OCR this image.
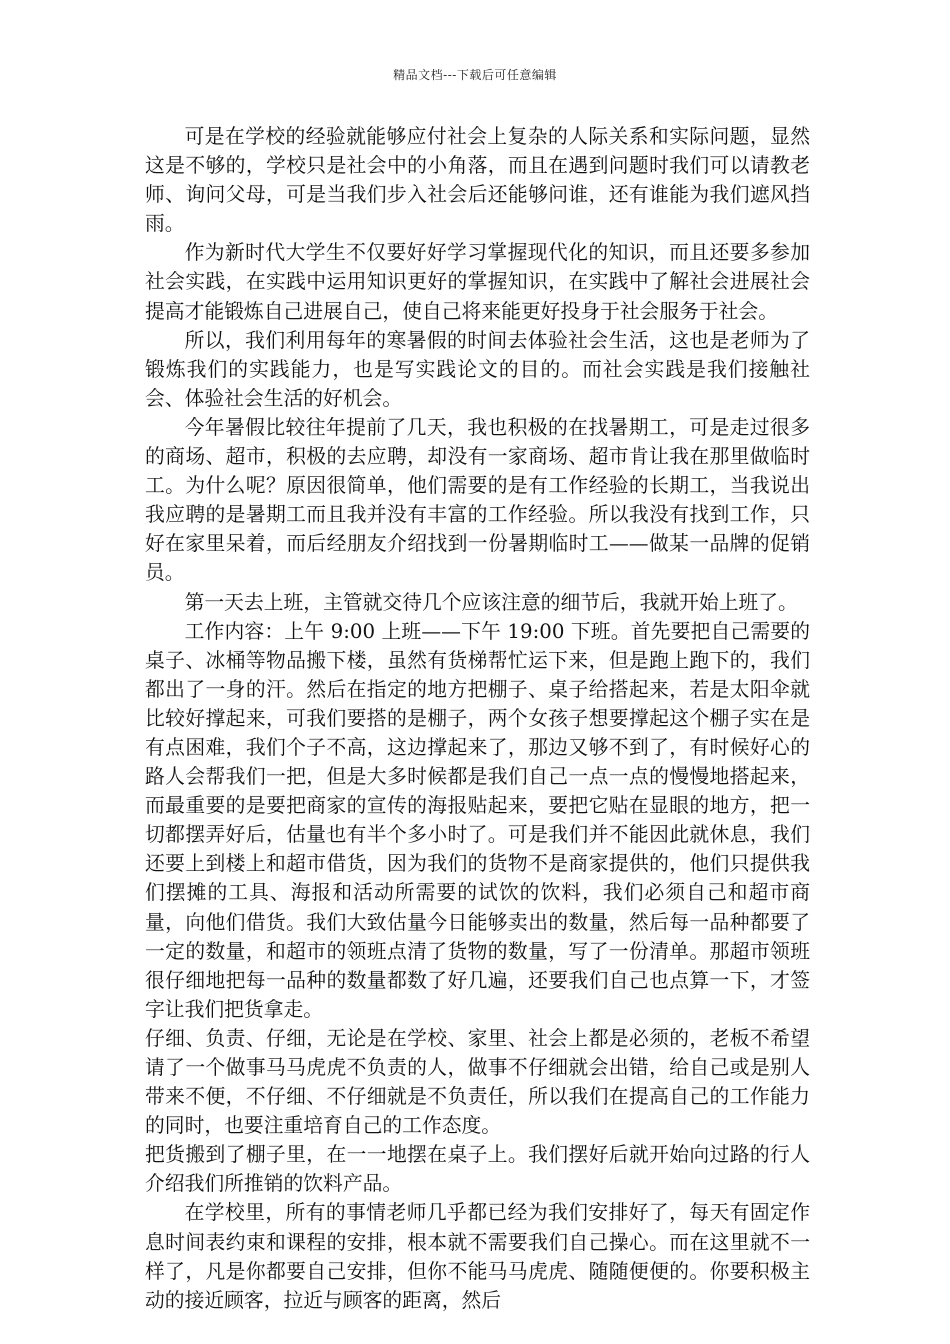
精品文档---下载后可任意编辑

可是在学校的经验就能够应付社会上复杂的人际关系和实际问题，显然这是不够的，学校只是社会中的小角落，而且在遇到问题时我们可以请教老师、询问父母，可是当我们步入社会后还能够问谁，还有谁能为我们遮风挡雨。

作为新时代大学生不仅要好好学习掌握现代化的知识，而且还要多参加社会实践，在实践中运用知识更好的掌握知识，在实践中了解社会进展社会提高才能锻炼自己进展自己，使自己将来能更好投身于社会服务于社会。

所以，我们利用每年的寒暑假的时间去体验社会生活，这也是老师为了锻炼我们的实践能力，也是写实践论文的目的。而社会实践是我们接触社会、体验社会生活的好机会。

今年暑假比较往年提前了几天，我也积极的在找暑期工，可是走过很多的商场、超市，积极的去应聘，却没有一家商场、超市肯让我在那里做临时工。为什么呢？原因很简单，他们需要的是有工作经验的长期工，当我说出我应聘的是暑期工而且我并没有丰富的工作经验。所以我没有找到工作，只好在家里呆着，而后经朋友介绍找到一份暑期临时工——做某一品牌的促销员。

第一天去上班，主管就交待几个应该注意的细节后，我就开始上班了。

工作内容：上午 9:00 上班——下午 19:00 下班。首先要把自己需要的桌子、冰桶等物品搬下楼，虽然有货梯帮忙运下来，但是跑上跑下的，我们都出了一身的汗。然后在指定的地方把棚子、桌子给搭起来，若是太阳伞就比较好撑起来，可我们要搭的是棚子，两个女孩子想要撑起这个棚子实在是有点困难，我们个子不高，这边撑起来了，那边又够不到了，有时候好心的路人会帮我们一把，但是大多时候都是我们自己一点一点的慢慢地搭起来，而最重要的是要把商家的宣传的海报贴起来，要把它贴在显眼的地方，把一切都摆弄好后，估量也有半个多小时了。可是我们并不能因此就休息，我们还要上到楼上和超市借货，因为我们的货物不是商家提供的，他们只提供我们摆摊的工具、海报和活动所需要的试饮的饮料，我们必须自己和超市商量，向他们借货。我们大致估量今日能够卖出的数量，然后每一品种都要了一定的数量，和超市的领班点清了货物的数量，写了一份清单。那超市领班很仔细地把每一品种的数量都数了好几遍，还要我们自己也点算一下，才签字让我们把货拿走。

仔细、负责、仔细，无论是在学校、家里、社会上都是必须的，老板不希望请了一个做事马马虎虎不负责的人，做事不仔细就会出错，给自己或是别人带来不便，不仔细、不仔细就是不负责任，所以我们在提高自己的工作能力的同时，也要注重培育自己的工作态度。

把货搬到了棚子里，在一一地摆在桌子上。我们摆好后就开始向过路的行人介绍我们所推销的饮料产品。

在学校里，所有的事情老师几乎都已经为我们安排好了，每天有固定作息时间表约束和课程的安排，根本就不需要我们自己操心。而在这里就不一样了，凡是你都要自己安排，但你不能马马虎虎、随随便便的。你要积极主动的接近顾客，拉近与顾客的距离，然后
